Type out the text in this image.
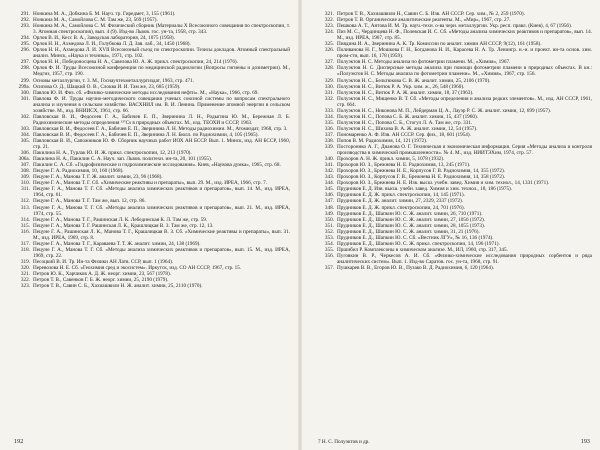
291. Нонкина М. А., Добкина Б. М. Науч. тр. Гиредмет, 3, 155 (1961).
292. Нонкина М. А., Самойлова С. М. Там же, 23, 569 (1957).
293. Нонкина М. А., Самойлова С. М. Физический сборник (Материалы Х Всесоюзного совещания по спектроскопии, т. 3. Атомная спектроскопия), вып. 4 (9). Изд-во Львов. гос. ун-та, 1958, стр. 343.
294. Орлов В. И., Кесс В. А., Заводская лаборатория, 24, 1075 (1958).
295. Орлов Н. Н., Ахмедова Л. И., Голубкова Л. Д. Зав. лаб., 34, 1450 (1968).
296. Орлов Н. Н., Ахмедова Л. И. XVII Всесоюзный съезд по спектроскопии. Тезисы докладов. Атомный спектральный анализ. Минск, «Наука и техника», 1971, стр. 102.
297. Орлов Н. Н., Победоносцева Н. А., Савелова Ю. А. Ж. прикл. спектроскопии, 24, 214 (1976).
298. Орлов Ф. И. Труды Всесоюзной конференции по медицинской радиологии (Вопросы гигиены и дозиметрии). М., Медгиз, 1957, стр. 190.
299. Основы металлургии, т. 3. М., Госнаучтехметаллургиздат, 1963, стр. 471.
299а. Осипова О. Д., Шацкий О. В., Слоква И. И. Там же, 23, 685 (1959).
300. Павлов Ю. И. Физ. сб. «Физико-химические методы исследования нефти». М., «Наука», 1966, стр. 69.
301. Павлова Ф. И. Труды научно-методического совещания ученых союзной системы по вопросам спектрального анализа и изучения в сельском хозяйстве. ВАСХНИЛ им. В. И. Ленина. Применение атомной энергии в сельском хозяйстве. М., изд. ВНИИСХ, 1961, стр. 66.
302. Павловская В. И., Федосеев Г. А., Бабичев Е. П., Зверинина Л. Н., Родыгина Ю. М., Бережная Л. Б. Радиохимические методы определения ¹³⁷Cs в природных объектах. М., изд. ТЕОХИ и СССР, 1963.
303. Павловская В. И., Федосеев Г. А., Бабичев Е. П., Зверинина Л. Н. Методы радиохимии. М., Атомиздат, 1968, стр. 3.
304. Павловская В. И., Федосеев Г. А., Бабичев Е. П., Зверинина Л. Н. Бюлл. по Радиохимии, 4, 105 (1965).
305. Павловская В. И., Сапожников Ю. Ф. Сборник научных работ ИОХ АН БССР. Вып. 1. Минск, изд. АН БССР, 1960, стр. 21.
306. Пакилина Н. А., Турлак Ю. И. Ж. прикл. спектроскопии, 12, 213 (1970).
306а. Пакилина Н. А., Пакилин С. А. Науч. зап. Львов. политехн. ин-та, 20, 101 (1955).
307. Пакилин С. А. Сб. «Гидрофизические и гидрохимические исследования». Киев, «Наукова думка», 1965, стр. 68.
308. Пецуне Г. А. Радиохимия, 10, 160 (1968).
309. Пецуне Г. А., Манова Т. Г. Ж. аналит. химии, 23, 96 (1968).
310. Пецуне Г. А., Манова Т. Г. Сб. «Химические реактивы и препараты», вып. 29. М., изд. ИРЕА, 1966, стр. 7.
311. Пецуне Г. А., Манова Т. Г. Сб. «Методы анализа химических реактивов и препаратов», вып. 14. М., изд. ИРЕА, 1964, стр. 61.
312. Пецуне Г. А., Манова Т. Г. Там же, вып. 12, стр. 86.
313. Пецуне Г. А., Манова Т. Г. Сб. «Методы анализа химических реактивов и препаратов», вып. 21. М., изд. ИРЕА, 1974, стр. 55.
314. Пецуне Г. А., Манова Т. Г., Рашинская Л. К. Лебединская К. Л. Там же, стр. 59.
315. Пецуне Г. А., Манова Т. Г. Рашинская Л. К., Крашлицкая В. З. Там же, стр. 12, 13.
316. Пецуне Г. А., Рашинская Л. К., Манова Т. Г., Крашлицкая В. З. Сб. «Химические реактивы и препараты», вып. 31. М., изд. ИРЕА, 1969, стр. 8.
317. Пецуне Г. А., Манова Т. Г., Караваева Т. Т. Ж. аналит. химии, 24, 138 (1969).
318. Пецуне Г. А., Манова Т. Г. Сб. «Методы анализа химических реактивов и препаратов», вып. 15. М., изд. ИРЕА, 1969, стр. 22.
319. Песоцкий В. И. Тр. Ин-та Физики АН Латв. ССР, вып. 1 (1964).
320. Перевозова Н. Е. Сб. «Геохимия сред и экосистем». Иркутск, изд. СО АН СССР, 1967, стр. 15.
321. Петров Ю. К., Харчиков А. Д. Ж. неорг. химии, 23, 567 (1978).
322. Петров Т. В., Савенков Г. Б. Ж. неорг. химии, 25, 2190 (1979).
323. Петров Т. В., Савин С. Б., Хахиашвили Н. Ж. аналит. химии, 25, 2110 (1970).
192
321. Петров Т. В., Хахиашвили Н., Савин С. Б. Изв. АН СССР. Сер. хим., № 2, 259 (1970).
322. Петров Т. В. Органические аналитические реагенты. М., «Мир», 1967, стр. 27.
323. Пешкова А. Т., Антова И. М. Тр. науч.-техн. о-ва черн. металлургии. Укр. респ. правл. (Киев), 4, 67 (1956).
324. Пиз М. С., Чердинцева Н. Ф., Полевская И. С. Сб. «Методы анализа химических реактивов и препаратов», вып. 14. М., изд. ИРЕА, 1967, стр. 85.
325. Пиядина И. А., Зверинина А. К. Тр. Комиссии по аналит. химии АН СССР, 9(12), 161 (1958).
326. Поливанова Н. Г., Мошкова Г. Н., Богданова Н. И., Карасева Н. А. Тр. Ленингр. н.-и. и проект. ин-та основ. хим. пром-сти, вып. 16, 178 (1959).
327. Полуэктов Н. С. Методы анализа по фотометрии пламени. М., «Химия», 1967.
328. Полуэктов Н. С. Дисперсные методы анализа при помощи фотометрии пламени в природных объектах. В кн.: «Полуэктов Н. С. Методы анализа по фотометрии пламени». М., «Химия», 1967, стр. 156.
329. Полуэктов Н. С., Бельтюкова С. В. Ж. аналит. химии, 25, 2106 (1970).
330. Полуэктов Н. С., Витюк Р. А. Укр. хим. ж., 26, 548 (1960).
331. Полуэктов Н. С., Витюк Р. А. Ж. аналит. химии, 18, 37 (1963).
332. Полуэктов Н. С., Мищенко В. Т. Сб. «Методы определения и анализа редких элементов». М., изд. АН СССР, 1961, стр. 664.
333. Полуэктов Н. С., Никонова М. П., Лейдерман Ц. А., Лауэр Р. С. Ж. аналит. химии, 12, 699 (1957).
334. Полуэктов Н. С., Попова С. Б. Ж. аналит. химии, 15, 437 (1960).
335. Полуэктов Н. С., Попова С. Б., Стогул Л. А. Там же, стр. 331.
336. Полуэктов Н. С., Шихова В. А. Ж. аналит. химии, 12, 54 (1957).
337. Пономаренко А. Ф. Изв. АН СССР. Сер. физ., 18, 601 (1954).
338. Попов В. М. Радиохимия, 14, 121 (1972).
339. Постороннко А. Г., Дианова О. Г. Техническая и экономическая информация. Серия «Методы анализа и контроля производства в химической промышленности». № 4. М., изд. НИИТЭХим, 1974, стр. 57.
340. Прохоров А. Н. Ж. прикл. химии, 5, 1078 (1932).
341. Прохоров Ю. З., Брежнева Н. Е. Радиохимия, 13, 245 (1971).
342. Прохоров Ю. З., Брежнева Н. Е., Корпусов Г. В. Радиохимия, 14, 355 (1972).
343. Прохоров Ю. З., Корпусов Г. В., Брежнева Н. Е. Радиохимия, 14, 358 (1972).
344. Прохоров Ю. З., Брежнева Н. Е. Изв. высш. учебн. завед. Химия и хим. технол., 14, 1331 (1971).
345. Прудников Е. Д. Изв. высш. учебн. завед. Химия и хим. технол., 18, 186 (1975).
346. Прудников Е. Д. Ж. прикл. спектроскопии, 14, 145 (1971).
347. Прудников Е. Д. Ж. аналит. химии, 27, 2329, 2337 (1972).
348. Прудников Е. Д. Ж. прикл. спектроскопии, 24, 701 (1976).
349. Прудников Е. Д., Шапкин Ю. С. Ж. аналит. химии, 26, 710 (1971).
350. Прудников Е. Д., Шапкин Ю. С. Ж. аналит. химии, 27, 1056 (1972).
351. Прудников Е. Д., Шапкин Ю. С. Ж. аналит. химии, 28, 1055 (1973).
352. Прудников Е. Д., Шапкин Ю. С. Ж. аналит. химии, 31, 21 (1976).
353. Прудников Е. Д., Шапкин Ю. С. Сб. «Вестник ЛГУ», № 16, 136 (1974).
354. Прудников Е. Д., Шапкин Ю. С. Ж. прикл. спектроскопии, 14, 196 (1971).
355. Пршибил Р. Комплексоны в химическом анализе. М., ИЛ, 1960, стр. 317, 345.
356. Пуговкин В. Р., Черкесов А. И. Сб. «Физико-химические исследования природных сорбентов и ряда аналитических систем». Вып. 1. Изд-во Саратов. гос. ун-та, 1968, стр. 91.
357. Пушкарев В. В., Егоров Ю. В., Пузако В. Д. Радиохимия, 6, 120 (1964).
7 Н. С. Полуэктов и др.	193
